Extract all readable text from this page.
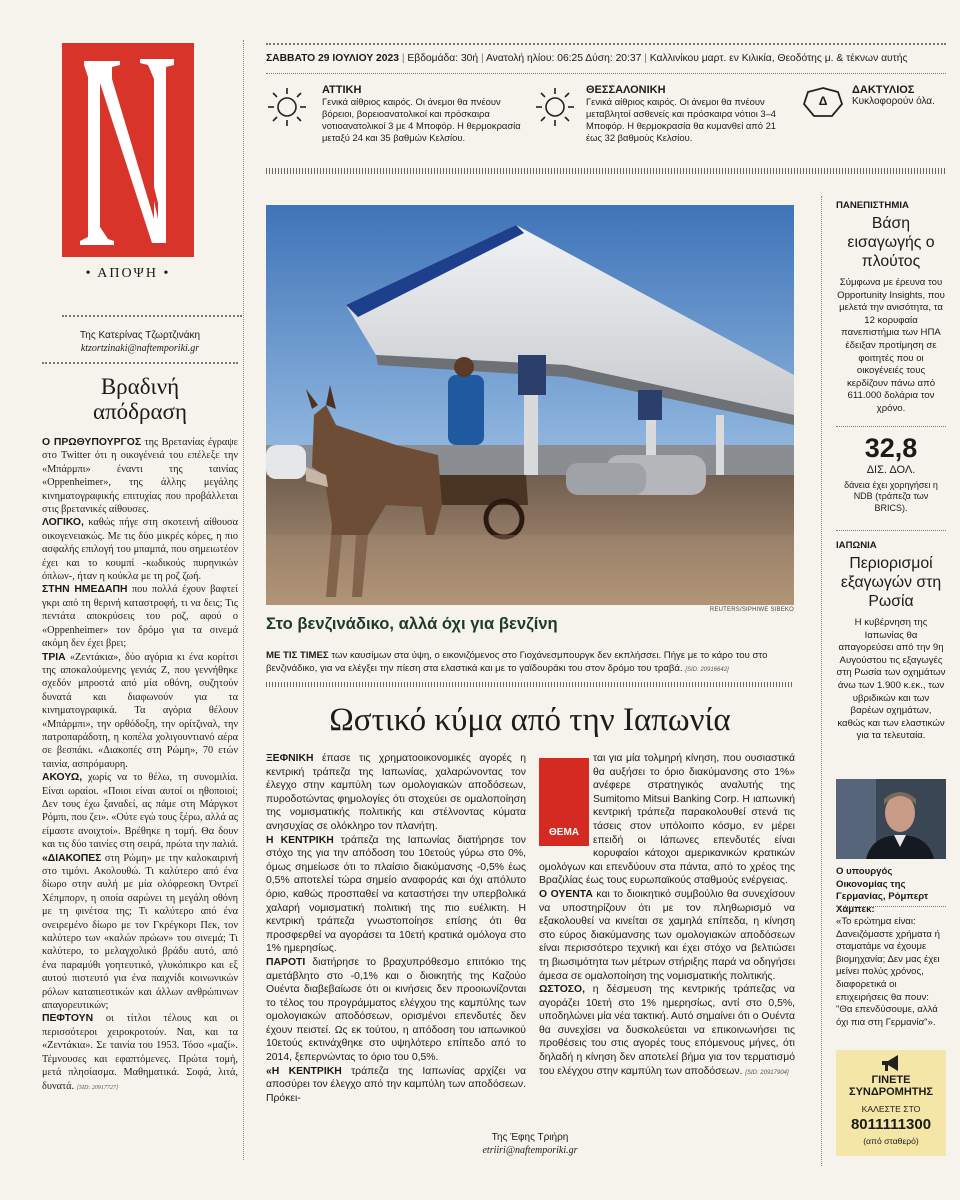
• ΑΠΟΨΗ •
Της Κατερίνας Τζωρτζινάκη
ktzortzinaki@naftemporiki.gr
Βραδινή απόδραση

Ο ΠΡΩΘΥΠΟΥΡΓΟΣ της Βρετανίας έγραψε στο Twitter ότι η οικογένειά του επέλεξε την «Μπάρμπι» έναντι της ταινίας «Oppenheimer», της άλλης μεγάλης κινηματογραφικής επιτυχίας που προβάλλεται στις βρετανικές αίθουσες.

ΛΟΓΙΚΟ, καθώς πήγε στη σκοτεινή αίθουσα οικογενειακώς. Με τις δύο μικρές κόρες, η πιο ασφαλής επιλογή του μπαμπά, που σημειωτέον έχει και το κουμπί -κωδικούς πυρηνικών όπλων-, ήταν η κούκλα με τη ροζ ζωή.

ΣΤΗΝ ΗΜΕΔΑΠΗ που πολλά έχουν βαφτεί γκρι από τη θερινή καταστροφή, τι να δεις; Τις πεντάτα αποκρύσεις του ροζ, αφού ο «Oppenheimer» τον δρόμο για τα σινεμά ακόμη δεν έχει βρει;

ΤΡΙΑ «Ζεντάκια», δύο αγόρια κι ένα κορίτσι της αποκαλούμενης γενιάς Ζ, που γεννήθηκε σχεδόν μπροστά από μία οθόνη, συζητούν δυνατά και διαφωνούν για τα κινηματογραφικά. Τα αγόρια θέλουν «Μπάρμπι», την ορθόδοξη, την ορίτζιναλ, την πατροπαράδοτη, η κοπέλα χολιγουντιανό αέρα σε βεσπάκι. «Διακοπές στη Ρώμη», 70 ετών ταινία, ασπρόμαυρη.

ΑΚΟΥΩ, χωρίς να το θέλω, τη συνομιλία. Είναι ωραίοι. «Ποιοι είναι αυτοί οι ηθοποιοί; Δεν τους έχω ξαναδεί, ας πάμε στη Μάργκοτ Ρόμπι, που ζει». «Ούτε εγώ τους ξέρω, αλλά ας είμαστε ανοιχτοί». Βρέθηκε η τομή. Θα δουν και τις δύο ταινίες στη σειρά, πρώτα την παλιά.

«ΔΙΑΚΟΠΕΣ στη Ρώμη» με την καλοκαιρινή στο τιμόνι. Ακολουθώ. Τι καλύτερο από ένα δίωρο στην αυλή με μία ολόφρεσκη Όντρεϊ Χέπμπορν, η οποία σαρώνει τη μεγάλη οθόνη με τη φινέτσα της; Τι καλύτερο από ένα ονειρεμένο δίωρο με τον Γκρέγκορι Πεκ, τον καλύτερο των «καλών πρώων» του σινεμά; Τι καλύτερο, το μελαγχολικό βράδυ αυτό, από ένα παραμύθι γοητευτικό, γλυκόπικρο και εξ αυτού πιστευτό για ένα παιχνίδι κοινωνικών ρόλων καταπιεστικών και άλλων ανθρώπινων απαγορευτικών;

ΠΕΦΤΟΥΝ οι τίτλοι τέλους και οι περισσότεροι χειροκροτούν. Ναι, και τα «Ζεντάκια». Σε ταινία του 1953. Τόσο «μαζί». Τέμνουσες και εφαπτόμενες. Πρώτα τομή, μετά πλησίασμα. Μαθηματικά. Σοφά, λιτά, δυνατά. [SID: 20917727]

ΣΑΒΒΑΤΟ 29 ΙΟΥΛΙΟΥ 2023 | Εβδομάδα: 30ή | Ανατολή ηλίου: 06:25 Δύση: 20:37 | Καλλινίκου μαρτ. εν Κιλικία, Θεοδότης μ. & τέκνων αυτής
ΑΤΤΙΚΗ
Γενικά αίθριος καιρός. Οι άνεμοι θα πνέουν βόρειοι, βορειοανατολικοί και πρόσκαιρα νοτιοανατολικοί 3 με 4 Μποφόρ. Η θερμοκρασία μεταξύ 24 και 35 βαθμών Κελσίου.
ΘΕΣΣΑΛΟΝΙΚΗ
Γενικά αίθριος καιρός. Οι άνεμοι θα πνέουν μεταβλητοί ασθενείς και πρόσκαιρα νότιοι 3–4 Μποφόρ. Η θερμοκρασία θα κυμανθεί από 21 έως 32 βαθμούς Κελσίου.
Δ
ΔΑΚΤΥΛΙΟΣ
Κυκλοφορούν όλα.
REUTERS/SIPHIWE SIBEKO
Στο βενζινάδικο, αλλά όχι για βενζίνη
ΜΕ ΤΙΣ ΤΙΜΕΣ των καυσίμων στα ύψη, ο εικονιζόμενος στο Γιοχάνεσμπουργκ δεν εκπλήσσει. Πήγε με το κάρο του στο βενζινάδικο, για να ελέγξει την πίεση στα ελαστικά και με το γαϊδουράκι του στον δρόμο του τραβά. [SID: 20916642]
Ωστικό κύμα από την Ιαπωνία

ΞΕΦΝΙΚΗ έπασε τις χρηματοοικονομικές αγορές η κεντρική τράπεζα της Ιαπωνίας, χαλαρώνοντας τον έλεγχο στην καμπύλη των ομολογιακών αποδόσεων, πυροδοτώντας φημολογίες ότι στοχεύει σε ομαλοποίηση της νομισματικής πολιτικής και στέλνοντας κύματα ανησυχίας σε ολόκληρο τον πλανήτη.

Η ΚΕΝΤΡΙΚΗ τράπεζα της Ιαπωνίας διατήρησε τον στόχο της για την απόδοση του 10ετούς γύρω στο 0%, όμως σημείωσε ότι το πλαίσιο διακύμανσης -0,5% έως 0,5% αποτελεί τώρα σημείο αναφοράς και όχι απόλυτο όριο, καθώς προσπαθεί να καταστήσει την υπερβολικά χαλαρή νομισματική πολιτική της πιο ευέλικτη. Η κεντρική τράπεζα γνωστοποίησε επίσης ότι θα προσφερθεί να αγοράσει τα 10ετή κρατικά ομόλογα στο 1% ημερησίως.

ΠΑΡΟΤΙ διατήρησε το βραχυπρόθεσμο επιτόκιο της αμετάβλητο στο -0,1% και ο διοικητής της Καζούο Ουέντα διαβεβαίωσε ότι οι κινήσεις δεν προοιωνίζονται το τέλος του προγράμματος ελέγχου της καμπύλης των ομολογιακών αποδόσεων, ορισμένοι επενδυτές δεν έχουν πειστεί. Ως εκ τούτου, η απόδοση του ιαπωνικού 10ετούς εκτινάχθηκε στο υψηλότερο επίπεδο από το 2014, ξεπερνώντας το όριο του 0,5%.

«Η ΚΕΝΤΡΙΚΗ τράπεζα της Ιαπωνίας αρχίζει να αποσύρει τον έλεγχο από την καμπύλη των αποδόσεων. Πρόκει-

ΘΕΜΑ

ται για μία τολμηρή κίνηση, που ουσιαστικά θα αυξήσει το όριο διακύμανσης στο 1%» ανέφερε στρατηγικός αναλυτής της Sumitomo Mitsui Banking Corp. Η ιαπωνική κεντρική τράπεζα παρακολουθεί στενά τις τάσεις στον υπόλοιπο κόσμο, εν μέρει επειδή οι Ιάπωνες επενδυτές είναι κορυφαίοι κάτοχοι αμερικανικών κρατικών ομολόγων και επενδύουν στα πάντα, από το χρέος της Βραζιλίας έως τους ευρωπαϊκούς σταθμούς ενέργειας.

Ο ΟΥΕΝΤΑ και το διοικητικό συμβούλιο θα συνεχίσουν να υποστηρίζουν ότι με τον πληθωρισμό να εξακολουθεί να κινείται σε χαμηλά επίπεδα, η κίνηση στο εύρος διακύμανσης των ομολογιακών αποδόσεων είναι περισσότερο τεχνική και έχει στόχο να βελτιώσει τη βιωσιμότητα των μέτρων στήριξης παρά να οδηγήσει άμεσα σε ομαλοποίηση της νομισματικής πολιτικής.

ΩΣΤΟΣΟ, η δέσμευση της κεντρικής τράπεζας να αγοράζει 10ετή στο 1% ημερησίως, αντί στο 0,5%, υποδηλώνει μία νέα τακτική. Αυτό σημαίνει ότι ο Ουέντα θα συνεχίσει να δυσκολεύεται να επικοινωνήσει τις προθέσεις του στις αγορές τους επόμενους μήνες, ότι δηλαδή η κίνηση δεν αποτελεί βήμα για τον τερματισμό του ελέγχου στην καμπύλη των αποδόσεων. [SID: 20917904]

Της Έφης Τριήρη
etriiri@naftemporiki.gr
ΠΑΝΕΠΙΣΤΗΜΙΑ
Βάση εισαγωγής ο πλούτος
Σύμφωνα με έρευνα του Opportunity Insights, που μελετά την ανισότητα, τα 12 κορυφαία πανεπιστήμια των ΗΠΑ έδειξαν προτίμηση σε φοιτητές που οι οικογένειές τους κερδίζουν πάνω από 611.000 δολάρια τον χρόνο.
32,8
ΔΙΣ. ΔΟΛ.
δάνεια έχει χορηγήσει η NDB (τράπεζα των BRICS).
ΙΑΠΩΝΙΑ
Περιορισμοί εξαγωγών στη Ρωσία
Η κυβέρνηση της Ιαπωνίας θα απαγορεύσει από την 9η Αυγούστου τις εξαγωγές στη Ρωσία των οχημάτων άνω των 1.900 κ.εκ., των υβριδικών και των βαρέων οχημάτων, καθώς και των ελαστικών για τα τελευταία.
Ο υπουργός Οικονομίας της Γερμανίας, Ρόμπερτ Χάμπεκ:
«Το ερώτημα είναι: Δανειζόμαστε χρήματα ή σταματάμε να έχουμε βιομηχανία; Δεν μας έχει μείνει πολύς χρόνος, διαφορετικά οι επιχειρήσεις θα πουν: "Θα επενδύσουμε, αλλά όχι πια στη Γερμανία"».
ΓΙΝΕΤΕ
ΣΥΝΔΡΟΜΗΤΗΣ
ΚΑΛΕΣΤΕ ΣΤΟ
8011111300
(από σταθερό)
